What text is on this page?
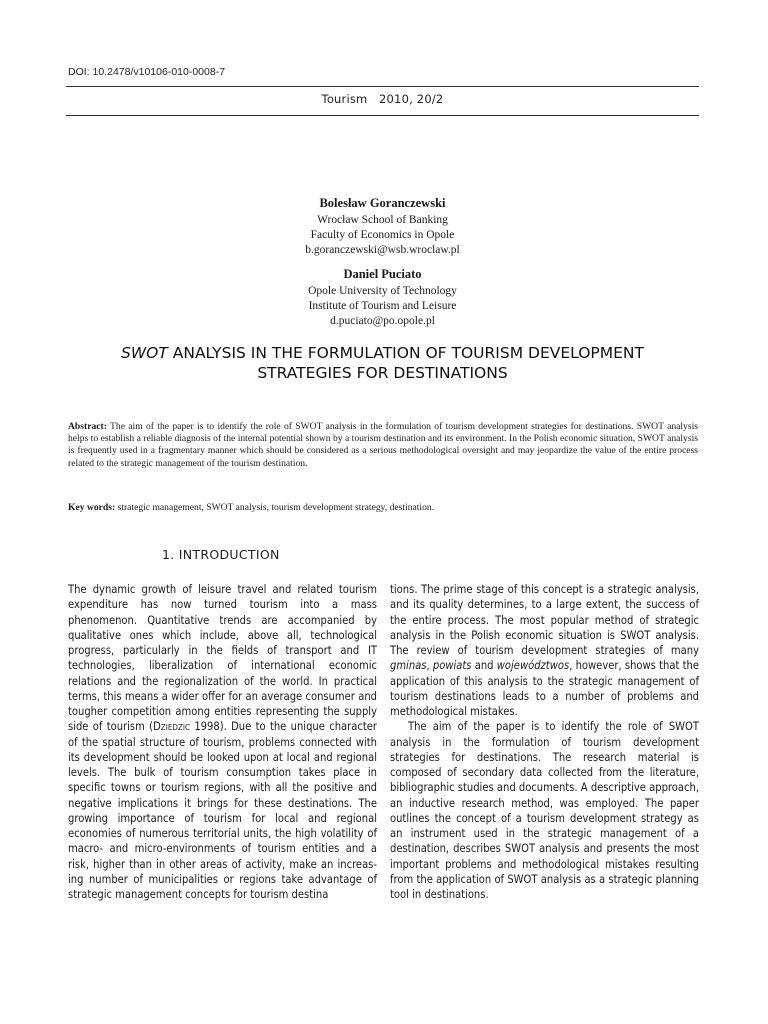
DOI: 10.2478/v10106-010-0008-7
Tourism   2010, 20/2
Bolesław Goranczewski
Wrocław School of Banking
Faculty of Economics in Opole
b.goranczewski@wsb.wroclaw.pl
Daniel Puciato
Opole University of Technology
Institute of Tourism and Leisure
d.puciato@po.opole.pl
SWOT ANALYSIS IN THE FORMULATION OF TOURISM DEVELOPMENT
STRATEGIES FOR DESTINATIONS
Abstract: The aim of the paper is to identify the role of SWOT analysis in the formulation of tourism development strategies for destinations. SWOT analysis helps to establish a reliable diagnosis of the internal potential shown by a tourism destination and its environment. In the Polish economic situation, SWOT analysis is frequently used in a fragmentary manner which should be considered as a serious methodological oversight and may jeopardize the value of the entire process related to the strategic management of the tourism destination.
Key words: strategic management, SWOT analysis, tourism development strategy, destination.
1. INTRODUCTION

The dynamic growth of leisure travel and related tourism expenditure has now turned tourism into a mass phenomenon. Quantitative trends are accompanied by qualitative ones which include, above all, technological progress, particularly in the fields of transport and IT technologies, liberalization of international economic relations and the regionalization of the world. In practical terms, this means a wider offer for an average consumer and tougher competition among entities representing the supply side of tourism (Dziedzic 1998). Due to the unique character of the spatial structure of tourism, problems connected with its development should be looked upon at local and regional levels. The bulk of tourism consumption takes place in specific towns or tourism regions, with all the positive and negative implications it brings for these destinations. The growing importance of tourism for local and regional economies of numerous territorial units, the high volatility of macro- and micro-environments of tourism entities and a risk, higher than in other areas of activity, make an increasing number of municipalities or regions take advantage of strategic management concepts for tourism destina

tions. The prime stage of this concept is a strategic analysis, and its quality determines, to a large extent, the success of the entire process. The most popular method of strategic analysis in the Polish economic situation is SWOT analysis. The review of tourism development strategies of many gminas, powiats and województwos, however, shows that the application of this analysis to the strategic management of tourism destinations leads to a number of problems and methodological mistakes.

The aim of the paper is to identify the role of SWOT analysis in the formulation of tourism development strategies for destinations. The research material is composed of secondary data collected from the literature, bibliographic studies and documents. A descriptive approach, an inductive research method, was employed. The paper outlines the concept of a tourism development strategy as an instrument used in the strategic management of a destination, describes SWOT analysis and presents the most important problems and methodological mistakes resulting from the application of SWOT analysis as a strategic planning tool in destinations.
